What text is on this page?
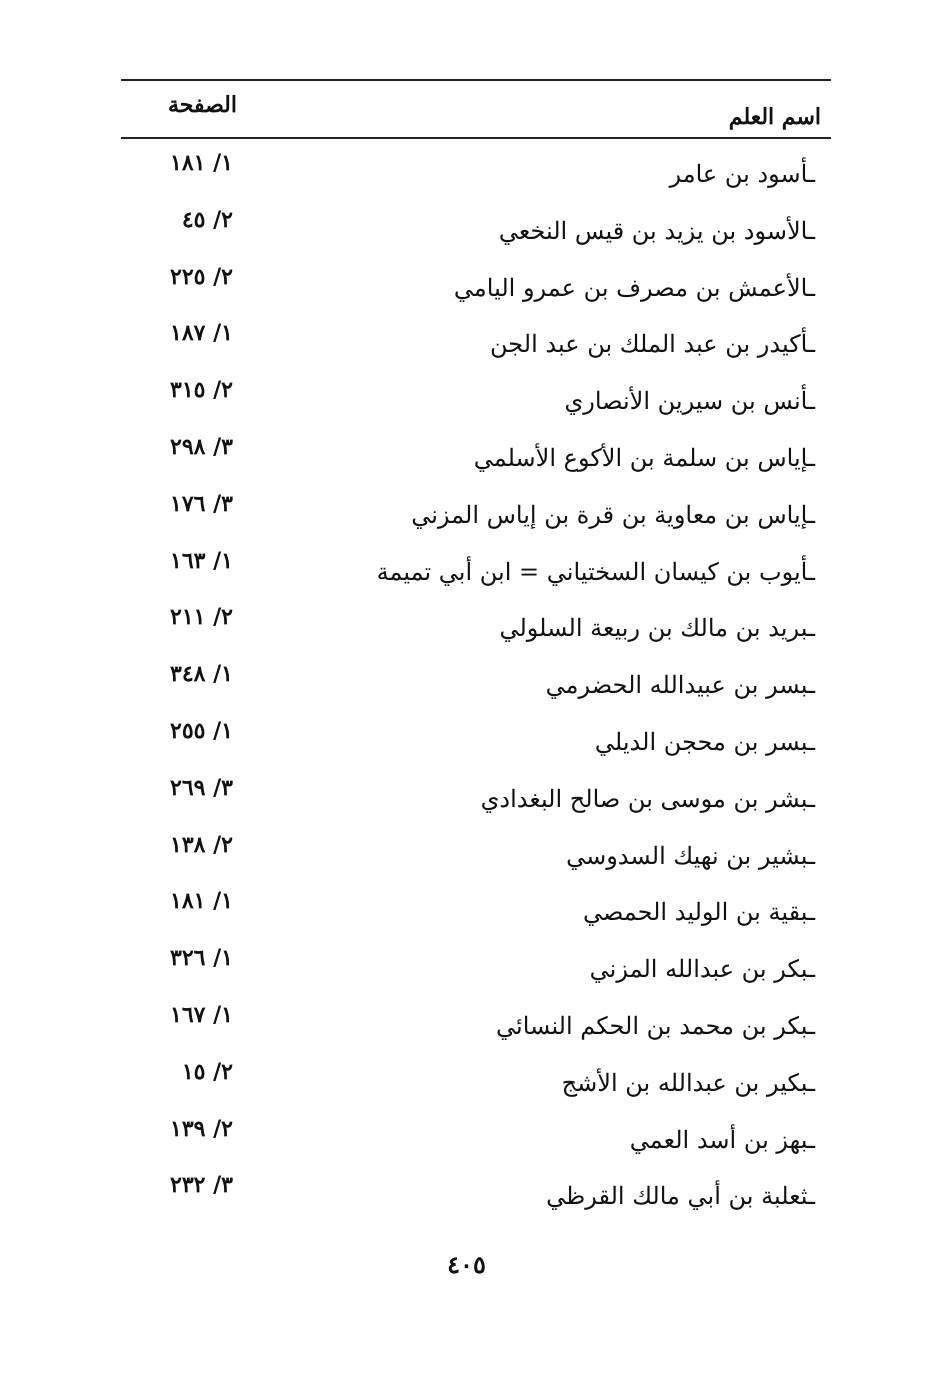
اسم العلم
الصفحة
ـأسود بن عامر
١/ ١٨١
ـالأسود بن يزيد بن قيس النخعي
٢/ ٤٥
ـالأعمش بن مصرف بن عمرو اليامي
٢/ ٢٢٥
ـأكيدر بن عبد الملك بن عبد الجن
١/ ١٨٧
ـأنس بن سيرين الأنصاري
٢/ ٣١٥
ـإياس بن سلمة بن الأكوع الأسلمي
٣/ ٢٩٨
ـإياس بن معاوية بن قرة بن إياس المزني
٣/ ١٧٦
ـأيوب بن كيسان السختياني = ابن أبي تميمة
١/ ١٦٣
ـبريد بن مالك بن ربيعة السلولي
٢/ ٢١١
ـبسر بن عبيدالله الحضرمي
١/ ٣٤٨
ـبسر بن محجن الديلي
١/ ٢٥٥
ـبشر بن موسى بن صالح البغدادي
٣/ ٢٦٩
ـبشير بن نهيك السدوسي
٢/ ١٣٨
ـبقية بن الوليد الحمصي
١/ ١٨١
ـبكر بن عبدالله المزني
١/ ٣٢٦
ـبكر بن محمد بن الحكم النسائي
١/ ١٦٧
ـبكير بن عبدالله بن الأشج
٢/ ١٥
ـبهز بن أسد العمي
٢/ ١٣٩
ـثعلبة بن أبي مالك القرظي
٣/ ٢٣٢
٤٠٥
